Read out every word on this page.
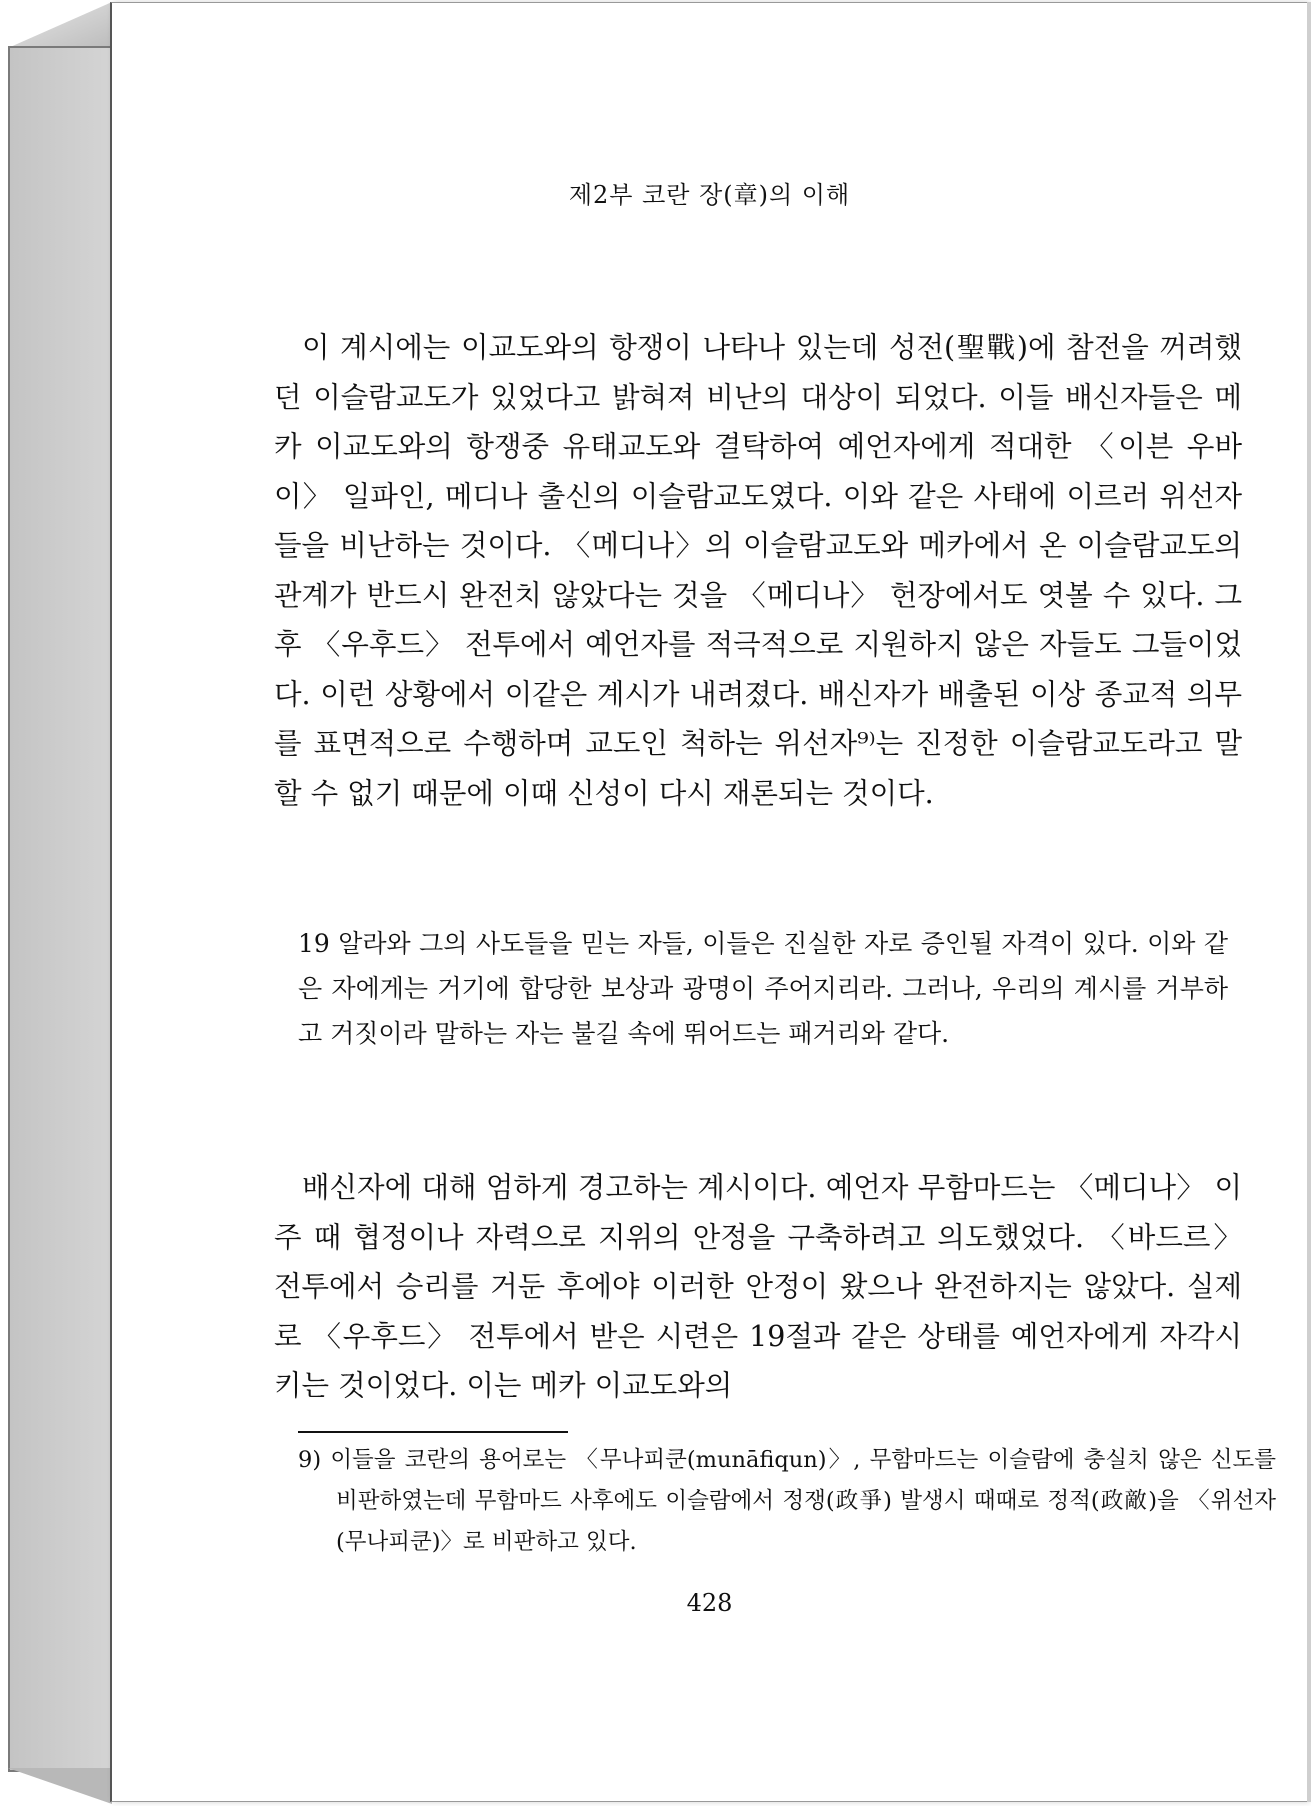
제2부 코란 장(章)의 이해

이 계시에는 이교도와의 항쟁이 나타나 있는데 성전(聖戰)에 참전을 꺼려했던 이슬람교도가 있었다고 밝혀져 비난의 대상이 되었다. 이들 배신자들은 메카 이교도와의 항쟁중 유태교도와 결탁하여 예언자에게 적대한 〈이븐 우바이〉 일파인, 메디나 출신의 이슬람교도였다. 이와 같은 사태에 이르러 위선자들을 비난하는 것이다. 〈메디나〉의 이슬람교도와 메카에서 온 이슬람교도의 관계가 반드시 완전치 않았다는 것을 〈메디나〉 헌장에서도 엿볼 수 있다. 그 후 〈우후드〉 전투에서 예언자를 적극적으로 지원하지 않은 자들도 그들이었다. 이런 상황에서 이같은 계시가 내려졌다. 배신자가 배출된 이상 종교적 의무를 표면적으로 수행하며 교도인 척하는 위선자⁹⁾는 진정한 이슬람교도라고 말할 수 없기 때문에 이때 신성이 다시 재론되는 것이다.

19 알라와 그의 사도들을 믿는 자들, 이들은 진실한 자로 증인될 자격이 있다. 이와 같은 자에게는 거기에 합당한 보상과 광명이 주어지리라. 그러나, 우리의 계시를 거부하고 거짓이라 말하는 자는 불길 속에 뛰어드는 패거리와 같다.

배신자에 대해 엄하게 경고하는 계시이다. 예언자 무함마드는 〈메디나〉 이주 때 협정이나 자력으로 지위의 안정을 구축하려고 의도했었다. 〈바드르〉 전투에서 승리를 거둔 후에야 이러한 안정이 왔으나 완전하지는 않았다. 실제로 〈우후드〉 전투에서 받은 시련은 19절과 같은 상태를 예언자에게 자각시키는 것이었다. 이는 메카 이교도와의

9) 이들을 코란의 용어로는 〈무나피쿤(munāfiqun)〉, 무함마드는 이슬람에 충실치 않은 신도를 비판하였는데 무함마드 사후에도 이슬람에서 정쟁(政爭) 발생시 때때로 정적(政敵)을 〈위선자(무나피쿤)〉로 비판하고 있다.

428
